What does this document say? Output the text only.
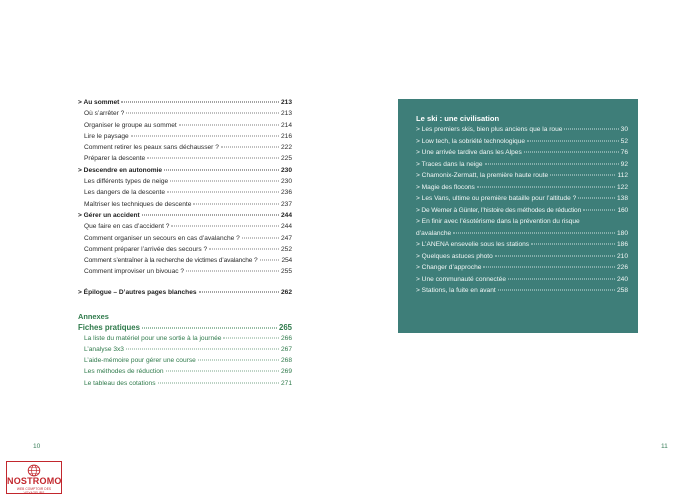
> Au sommet	213
Où s’arrêter ?	213
Organiser le groupe au sommet	214
Lire le paysage	216
Comment retirer les peaux sans déchausser ?	222
Préparer la descente	225
> Descendre en autonomie	230
Les différents types de neige	230
Les dangers de la descente	236
Maîtriser les techniques de descente	237
> Gérer un accident	244
Que faire en cas d’accident ?	244
Comment organiser un secours en cas d’avalanche ?	247
Comment préparer l’arrivée des secours ?	252
Comment s’entraîner à la recherche de victimes d’avalanche ?	254
Comment improviser un bivouac ?	255
> Épilogue – D’autres pages blanches	262
Annexes
Fiches pratiques	265
La liste du matériel pour une sortie à la journée	266
L’analyse 3x3	267
L’aide-mémoire pour gérer une course	268
Les méthodes de réduction	269
Le tableau des cotations	271
Le ski : une civilisation
> Les premiers skis, bien plus anciens que la roue	30
> Low tech, la sobriété technologique	52
> Une arrivée tardive dans les Alpes	76
> Traces dans la neige	92
> Chamonix-Zermatt, la première haute route	112
> Magie des flocons	122
> Les Vans, ultime ou première bataille pour l’altitude ?	138
> De Werner à Günter, l’histoire des méthodes de réduction	160
> En finir avec l’ésotérisme dans la prévention du risque
d’avalanche	180
> L’ANENA ensevelie sous les stations	186
> Quelques astuces photo	210
> Changer d’approche	226
> Une communauté connectée	240
> Stations, la fuite en avant	258
10	11
NOSTROMO
WEB COMPTOIR DES VOYAGEURS
